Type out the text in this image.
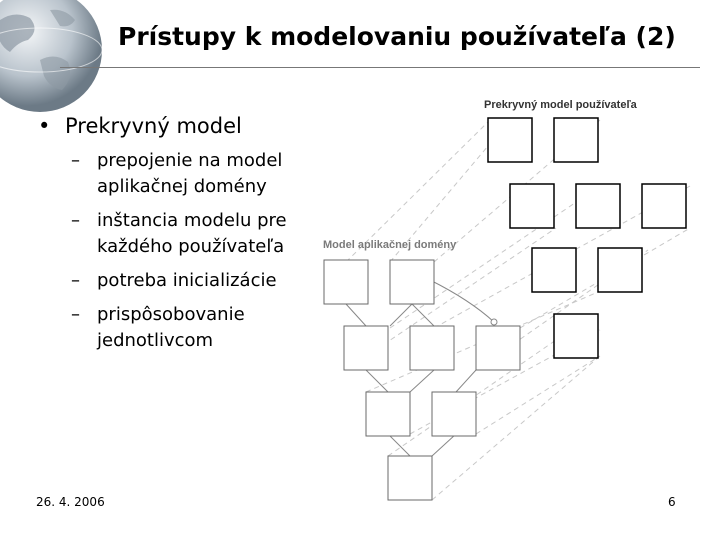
Prístupy k modelovaniu používateľa (2)
• Prekryvný model
– prepojenie na model aplikačnej domény
– inštancia modelu pre každého používateľa
– potreba inicializácie
– prispôsobovanie jednotlivcom
Prekryvný model používateľa
Model aplikačnej domény
26. 4. 2006	6
